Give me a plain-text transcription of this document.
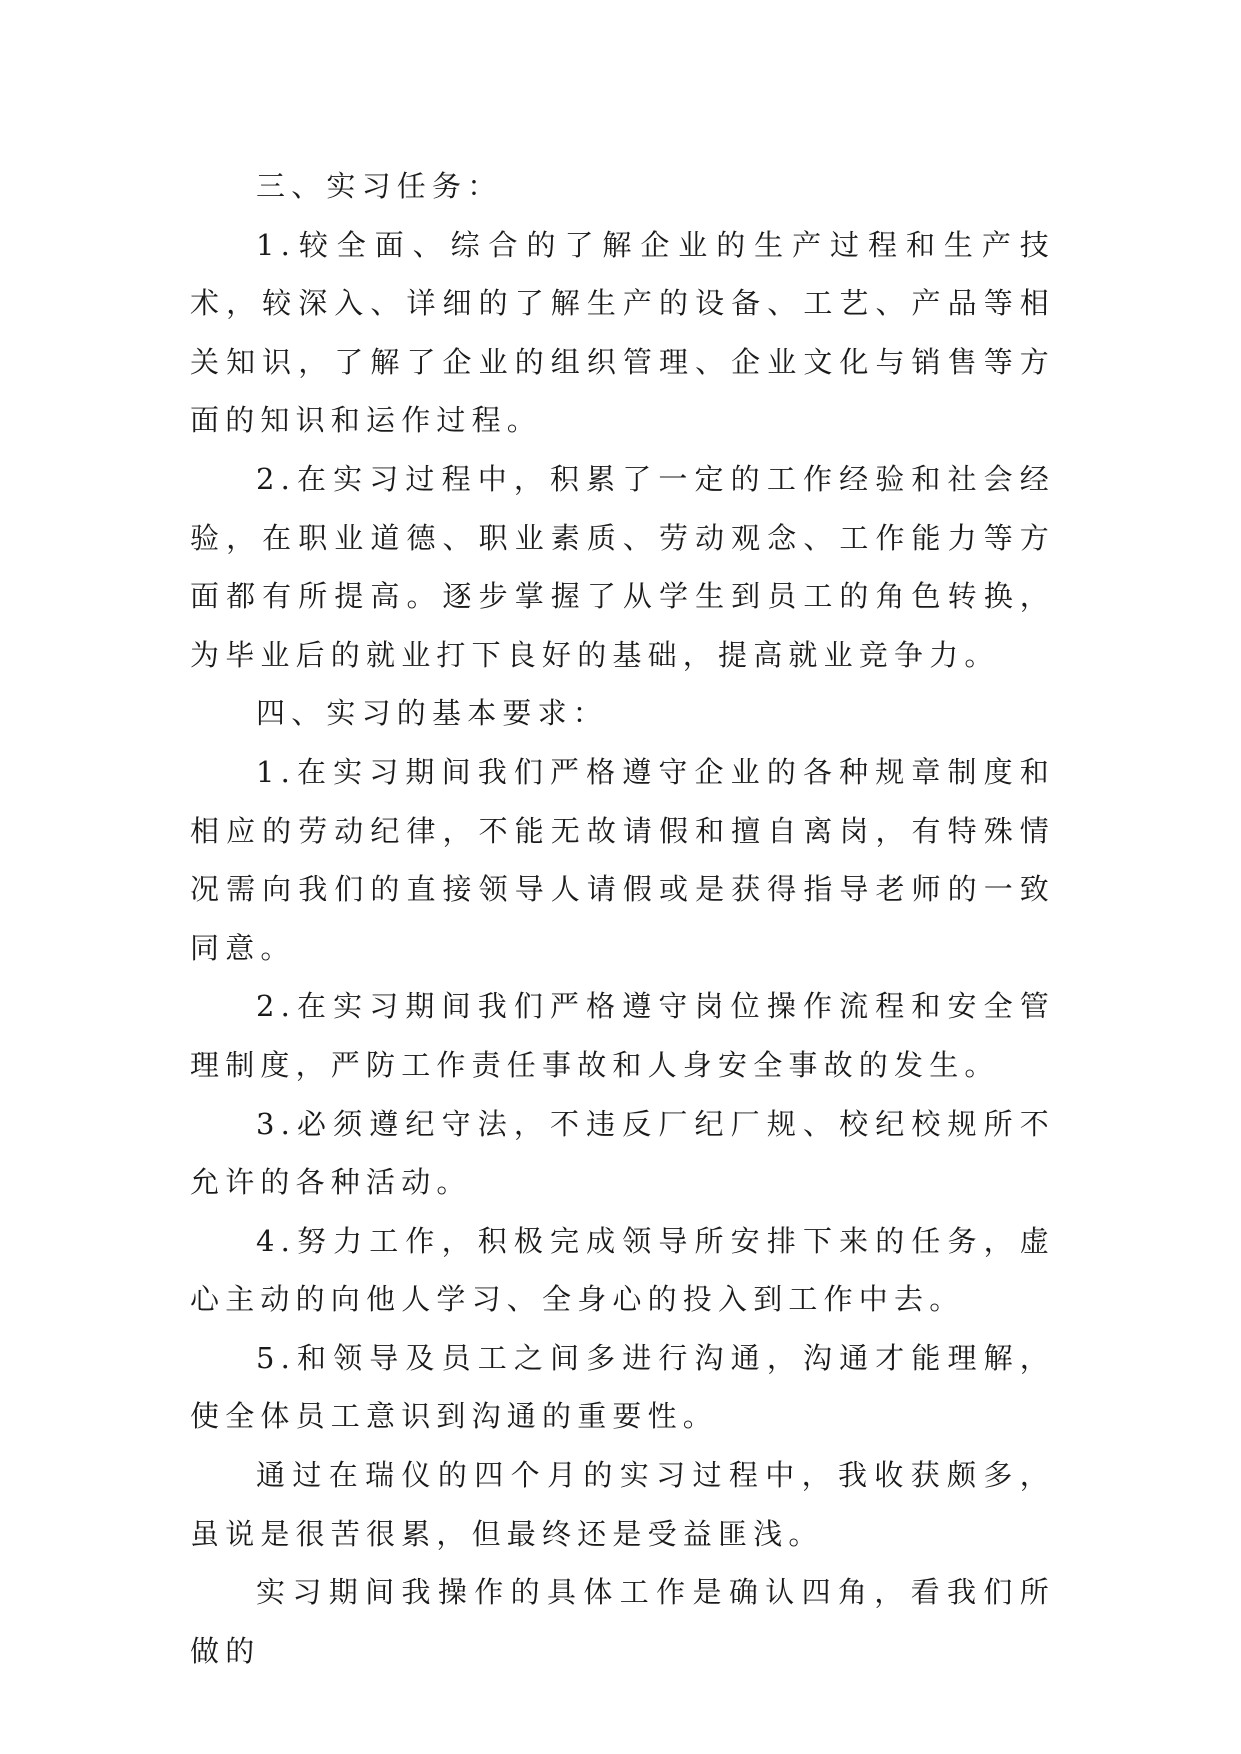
三、实习任务：

1.较全面、综合的了解企业的生产过程和生产技术，较深入、详细的了解生产的设备、工艺、产品等相关知识，了解了企业的组织管理、企业文化与销售等方面的知识和运作过程。

2.在实习过程中，积累了一定的工作经验和社会经验，在职业道德、职业素质、劳动观念、工作能力等方面都有所提高。逐步掌握了从学生到员工的角色转换，为毕业后的就业打下良好的基础，提高就业竞争力。

四、实习的基本要求：

1.在实习期间我们严格遵守企业的各种规章制度和相应的劳动纪律，不能无故请假和擅自离岗，有特殊情况需向我们的直接领导人请假或是获得指导老师的一致同意。

2.在实习期间我们严格遵守岗位操作流程和安全管理制度，严防工作责任事故和人身安全事故的发生。

3.必须遵纪守法，不违反厂纪厂规、校纪校规所不允许的各种活动。

4.努力工作，积极完成领导所安排下来的任务，虚心主动的向他人学习、全身心的投入到工作中去。

5.和领导及员工之间多进行沟通，沟通才能理解，使全体员工意识到沟通的重要性。

通过在瑞仪的四个月的实习过程中，我收获颇多，虽说是很苦很累，但最终还是受益匪浅。

实习期间我操作的具体工作是确认四角，看我们所做的
